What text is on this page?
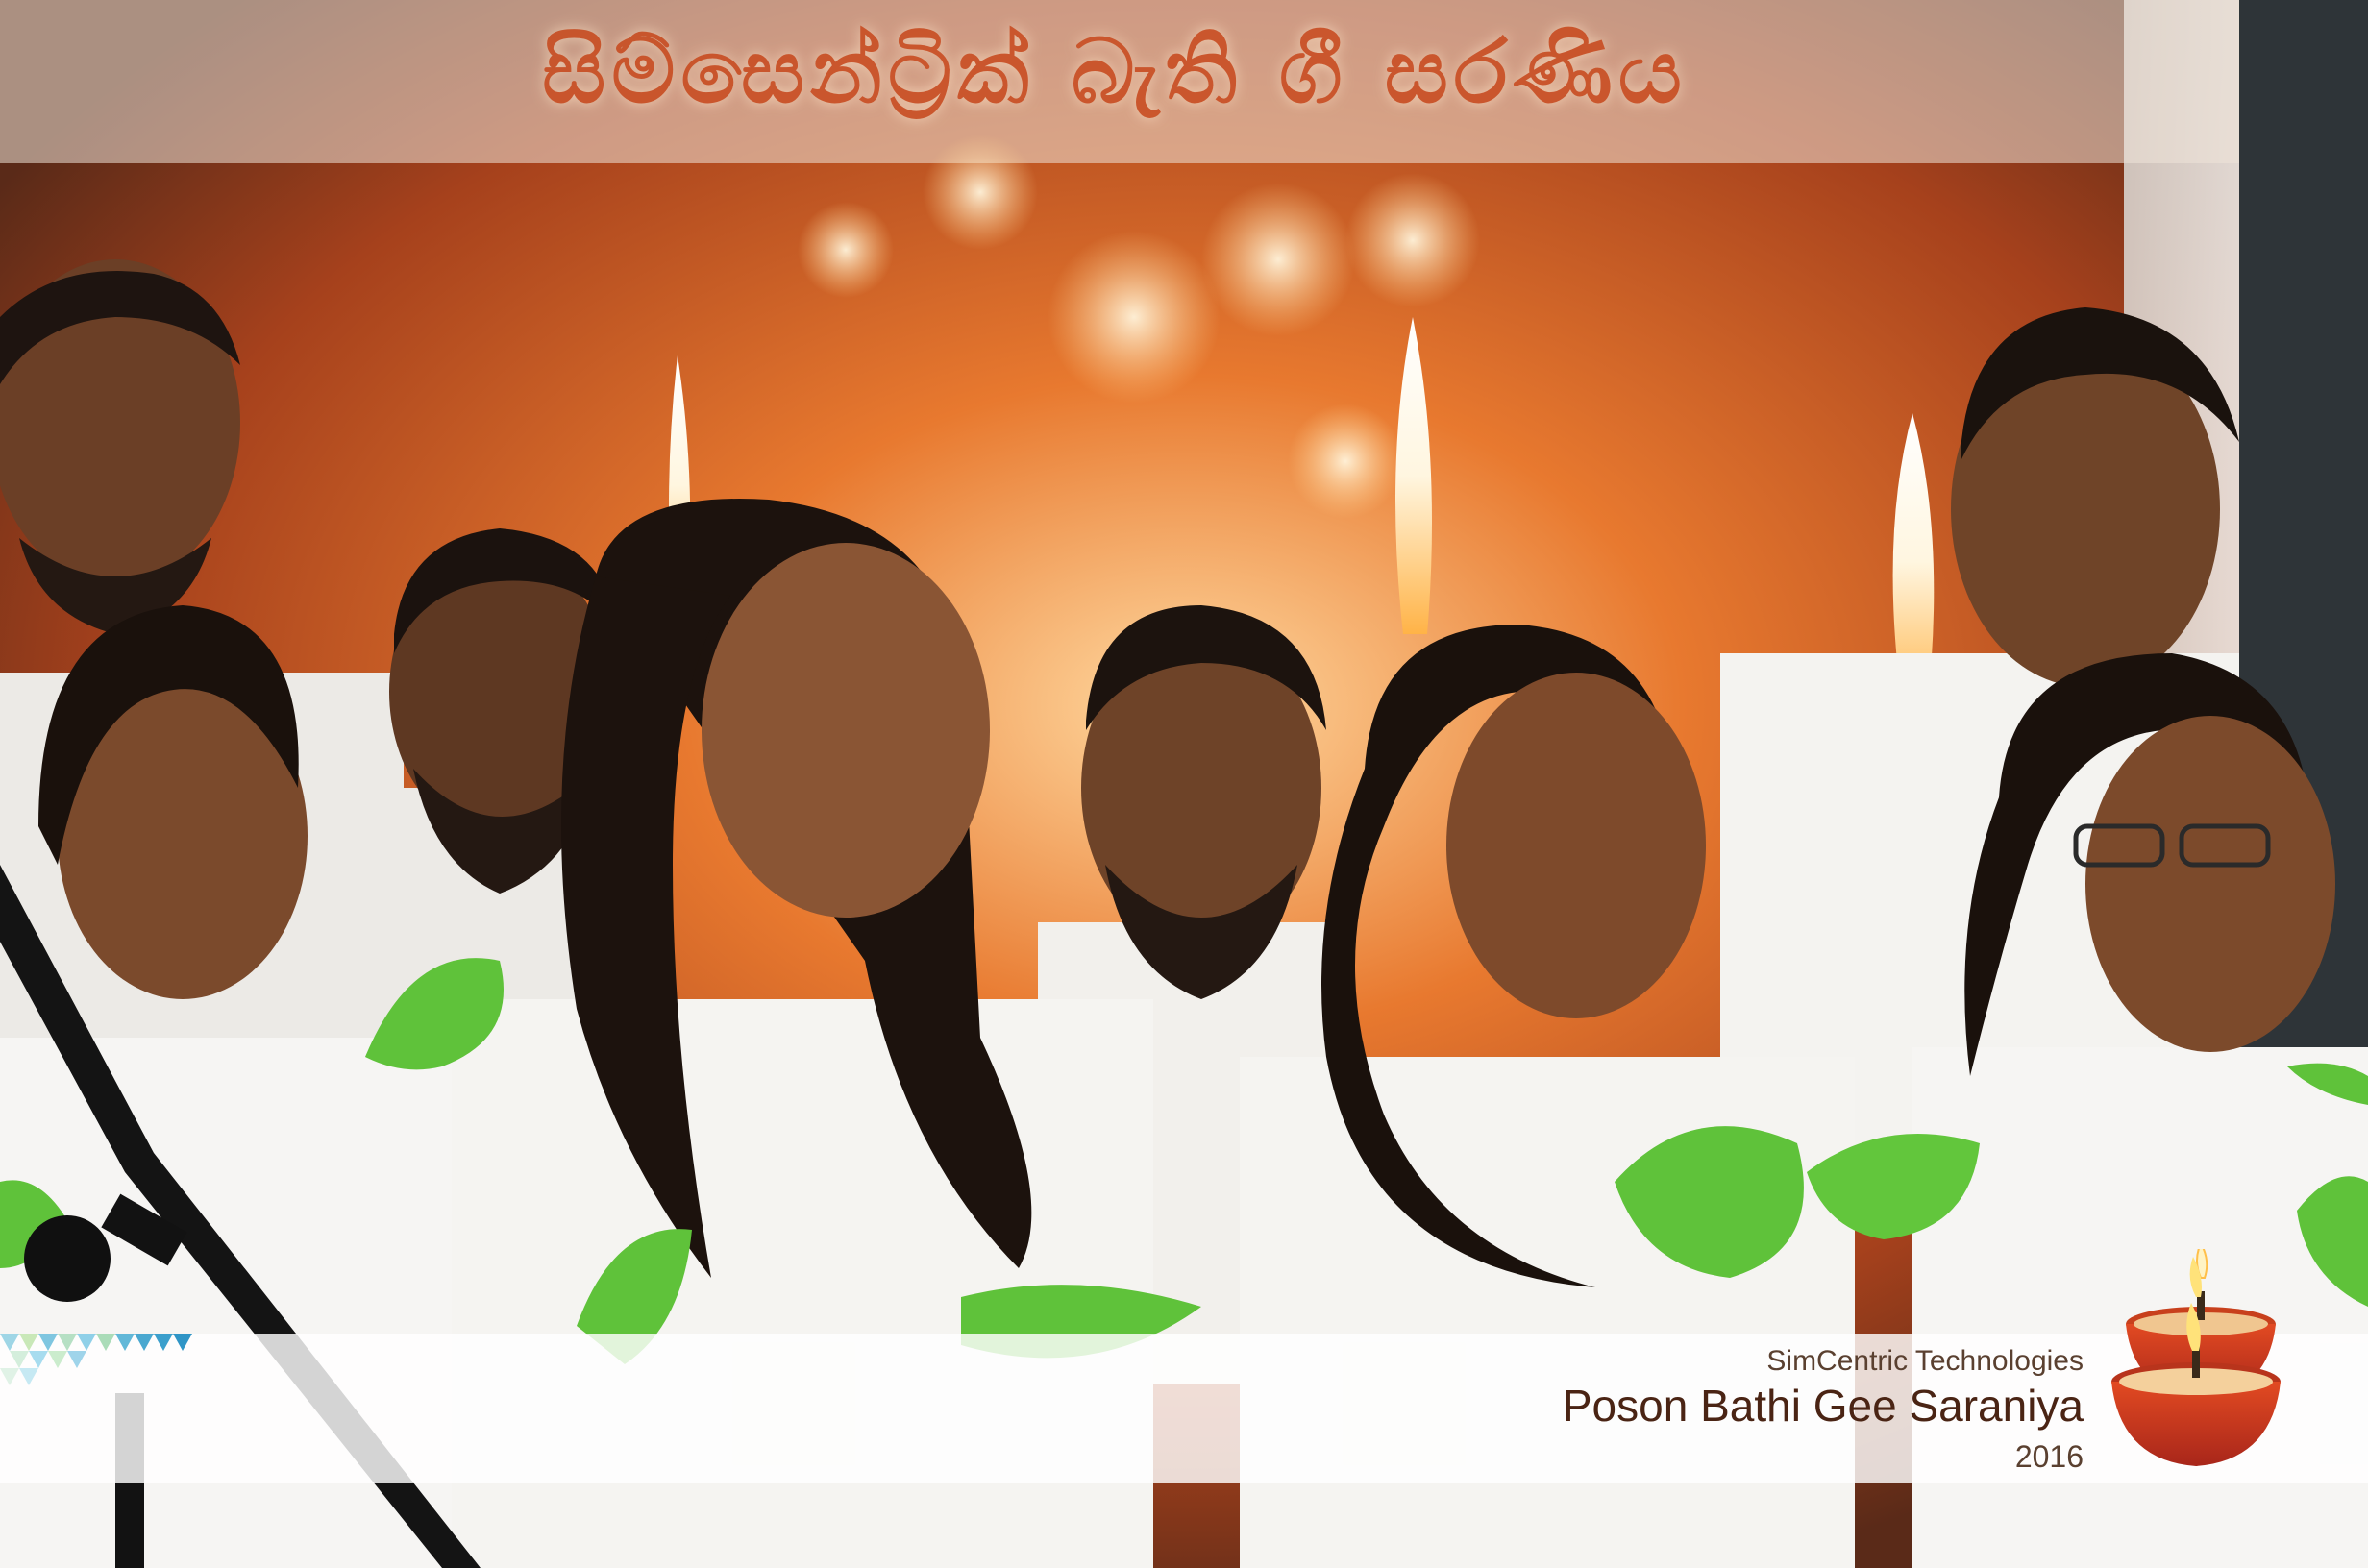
සිම්සෙන්ට්‍රික් බැති ගී සරණිය
SimCentric Technologies
Poson Bathi Gee Saraniya
2016
